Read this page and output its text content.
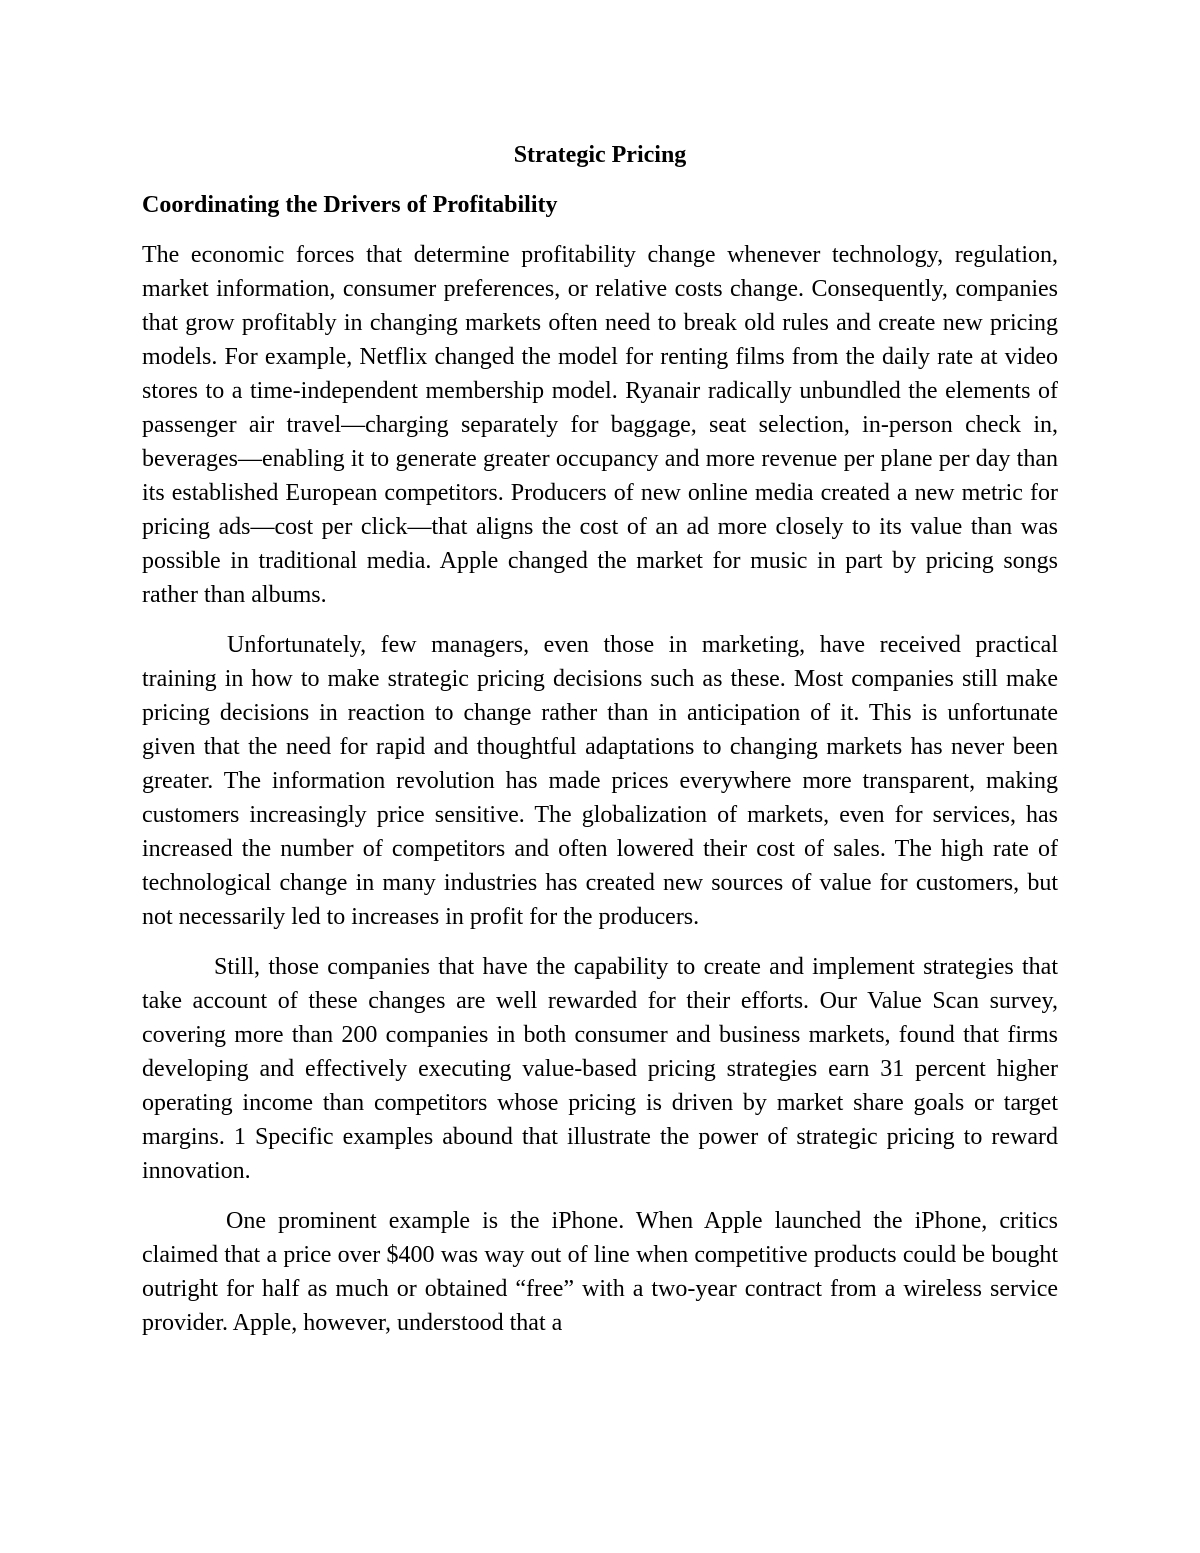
Strategic Pricing
Coordinating the Drivers of Profitability

The economic forces that determine profitability change whenever technology, regulation, market information, consumer preferences, or relative costs change. Consequently, companies that grow profitably in changing markets often need to break old rules and create new pricing models. For example, Netflix changed the model for renting films from the daily rate at video stores to a time-independent membership model. Ryanair radically unbundled the elements of passenger air travel—charging separately for baggage, seat selection, in-person check in, beverages—enabling it to generate greater occupancy and more revenue per plane per day than its established European competitors. Producers of new online media created a new metric for pricing ads—cost per click—that aligns the cost of an ad more closely to its value than was possible in traditional media. Apple changed the market for music in part by pricing songs rather than albums.

Unfortunately, few managers, even those in marketing, have received practical training in how to make strategic pricing decisions such as these. Most companies still make pricing decisions in reaction to change rather than in anticipation of it. This is unfortunate given that the need for rapid and thoughtful adaptations to changing markets has never been greater. The information revolution has made prices everywhere more transparent, making customers increasingly price sensitive. The globalization of markets, even for services, has increased the number of competitors and often lowered their cost of sales. The high rate of technological change in many industries has created new sources of value for customers, but not necessarily led to increases in profit for the producers.

Still, those companies that have the capability to create and implement strategies that take account of these changes are well rewarded for their efforts. Our Value Scan survey, covering more than 200 companies in both consumer and business markets, found that firms developing and effectively executing value-based pricing strategies earn 31 percent higher operating income than competitors whose pricing is driven by market share goals or target margins. 1 Specific examples abound that illustrate the power of strategic pricing to reward innovation.

One prominent example is the iPhone. When Apple launched the iPhone, critics claimed that a price over $400 was way out of line when competitive products could be bought outright for half as much or obtained “free” with a two-year contract from a wireless service provider. Apple, however, understood that a
